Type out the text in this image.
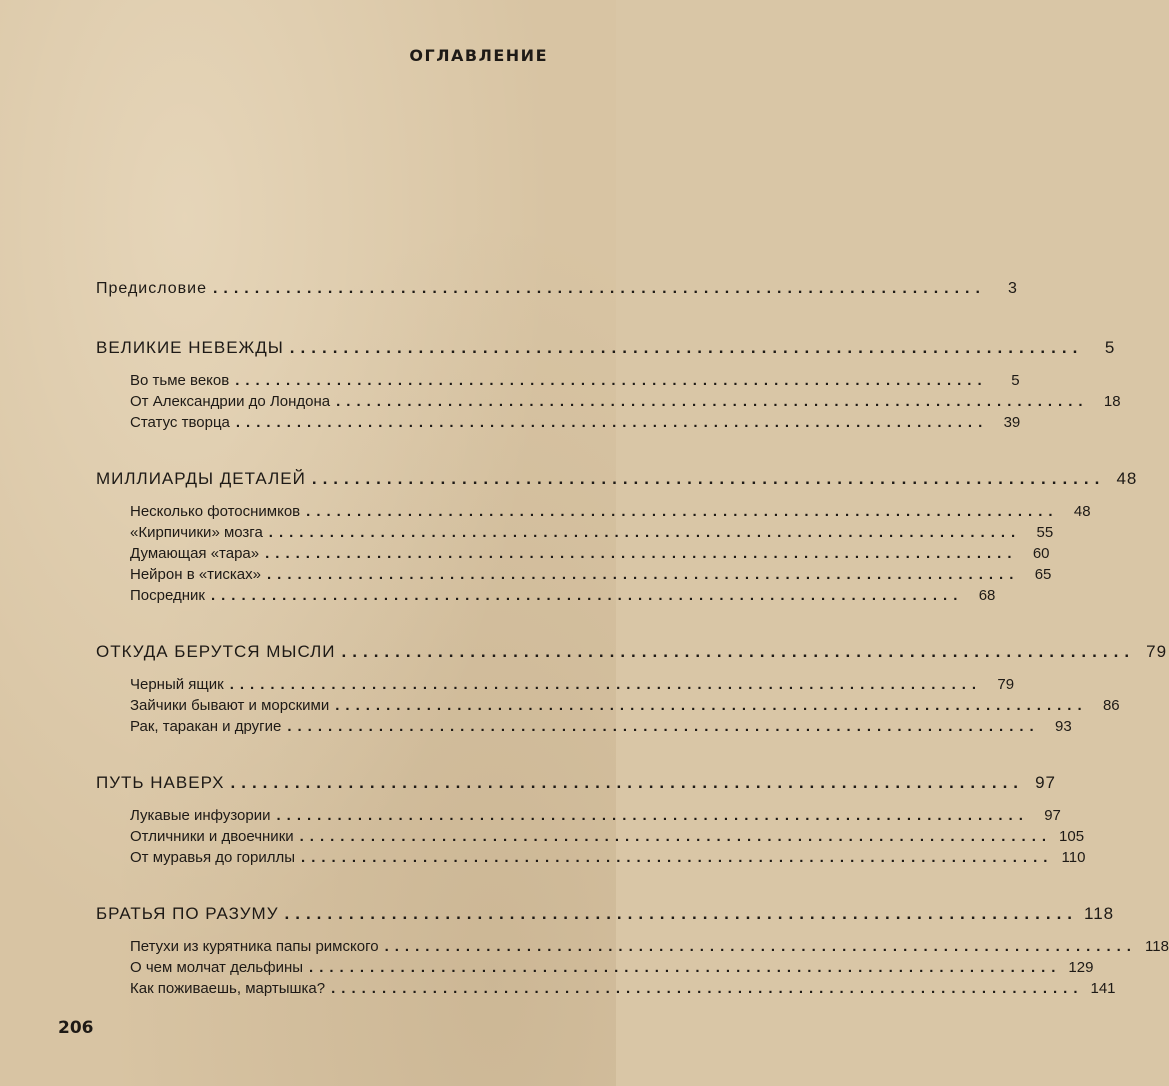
ОГЛАВЛЕНИЕ
Предисловие ..........................................................................	3
ВЕЛИКИЕ НЕВЕЖДЫ ..........................................................................	5
Во тьме веков ..........................................................................	5
От Александрии до Лондона ..........................................................................	18
Статус творца ..........................................................................	39
МИЛЛИАРДЫ ДЕТАЛЕЙ .......................................................................... 48
Несколько фотоснимков ..........................................................................	48
«Кирпичики» мозга ..........................................................................	55
Думающая «тара» ..........................................................................	60
Нейрон в «тисках» ..........................................................................	65
Посредник ..........................................................................	68
ОТКУДА БЕРУТСЯ МЫСЛИ .......................................................................... 79
Черный ящик ..........................................................................	79
Зайчики бывают и морскими ..........................................................................	86
Рак, таракан и другие ..........................................................................	93
ПУТЬ НАВЕРХ .......................................................................... 97
Лукавые инфузории ..........................................................................	97
Отличники и двоечники .......................................................................... 105
От муравья до гориллы .......................................................................... 110
БРАТЬЯ ПО РАЗУМУ .......................................................................... 118
Петухи из курятника папы римского .......................................................................... 118
О чем молчат дельфины .......................................................................... 129
Как поживаешь, мартышка? .......................................................................... 141
206
